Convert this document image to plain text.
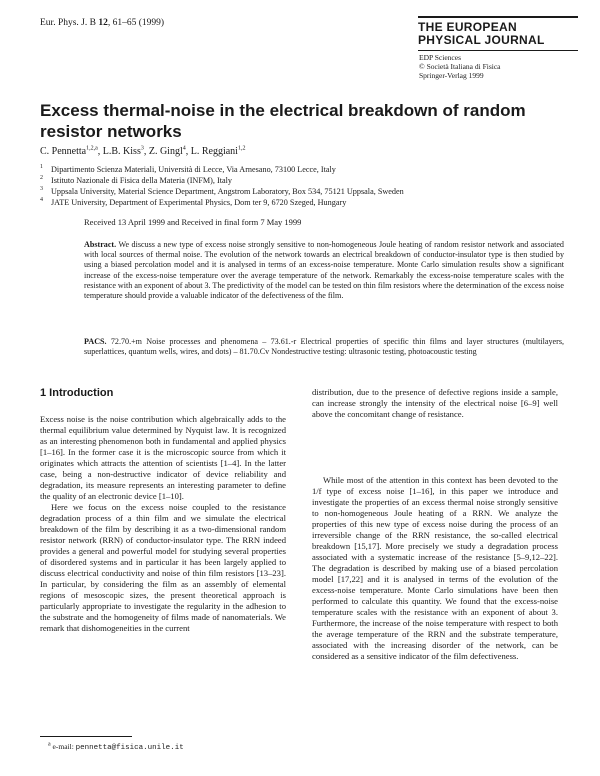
Eur. Phys. J. B 12, 61–65 (1999)	THE EUROPEAN
PHYSICAL JOURNAL
EDP Sciences
© Società Italiana di Fisica
Springer-Verlag 1999
Excess thermal-noise in the electrical breakdown of random resistor networks
C. Pennetta$^{1,2,a}$, L.B. Kiss$^3$, Z. Gingl$^4$, L. Reggiani$^{1,2}$
1 Dipartimento Scienza Materiali, Università di Lecce, Via Arnesano, 73100 Lecce, Italy
2 Istituto Nazionale di Fisica della Materia (INFM), Italy
3 Uppsala University, Material Science Department, Angstrom Laboratory, Box 534, 75121 Uppsala, Sweden
4 JATE University, Department of Experimental Physics, Dom ter 9, 6720 Szeged, Hungary
Received 13 April 1999 and Received in final form 7 May 1999
Abstract. We discuss a new type of excess noise strongly sensitive to non-homogeneous Joule heating of random resistor network and associated with local sources of thermal noise. The evolution of the network towards an electrical breakdown of conductor-insulator type is then studied by using a biased percolation model and it is analysed in terms of an excess-noise temperature. Monte Carlo simulation results show a significant increase of the excess-noise temperature over the average temperature of the network. Remarkably the excess-noise temperature scales with the resistance with an exponent of about 3. The predictivity of the model can be tested on thin film resistors where the determination of the excess noise temperature should provide a valuable indicator of the defectiveness of the film.
PACS. 72.70.+m Noise processes and phenomena – 73.61.-r Electrical properties of specific thin films and layer structures (multilayers, superlattices, quantum wells, wires, and dots) – 81.70.Cv Nondestructive testing: ultrasonic testing, photoacoustic testing
1 Introduction

Excess noise is the noise contribution which algebraically adds to the thermal equilibrium value determined by Nyquist law. It is recognized as an interesting phenomenon both in fundamental and applied physics [1–16]. In the former case it is the microscopic source from which it originates which attracts the attention of scientists [1–4]. In the latter case, being a non-destructive indicator of device reliability and degradation, its measure represents an interesting parameter to define the quality of an electronic device [1–10].

Here we focus on the excess noise coupled to the resistance degradation process of a thin film and we simulate the electrical breakdown of the film by describing it as a two-dimensional random resistor network (RRN) of conductor-insulator type. The RRN indeed provides a general and powerful model for studying several properties of disordered systems and in particular it has been largely applied to discuss electrical conductivity and noise of thin film resistors [13–23]. In particular, by considering the film as an assembly of elemental regions of mesoscopic sizes, the present theoretical approach is particularly appropriate to investigate the regularity in the adhesion to the substrate and the homogeneity of films made of nanomaterials. We remark that dishomogeneities in the current

distribution, due to the presence of defective regions inside a sample, can increase strongly the intensity of the electrical noise [6–9] well above the concomitant change of resistance.

While most of the attention in this context has been devoted to the 1/f type of excess noise [1–16], in this paper we introduce and investigate the properties of an excess thermal noise strongly sensitive to non-homogeneous Joule heating of a RRN. We analyze the properties of this new type of excess noise during the process of an irreversible change of the RRN resistance, the so-called electrical breakdown [15,17]. More precisely we study a degradation process associated with a systematic increase of the resistance [5–9,12–22]. The degradation is described by making use of a biased percolation model [17,22] and it is analysed in terms of the evolution of the excess-noise temperature. Monte Carlo simulations have been then performed to calculate this quantity. We found that the excess-noise temperature scales with the resistance with an exponent of about 3. Furthermore, the increase of the noise temperature with respect to both the average temperature of the RRN and the substrate temperature, associated with the increasing disorder of the network, can be considered as a sensitive indicator of the film defectiveness.

$^a$ e-mail: pennetta@fisica.unile.it
